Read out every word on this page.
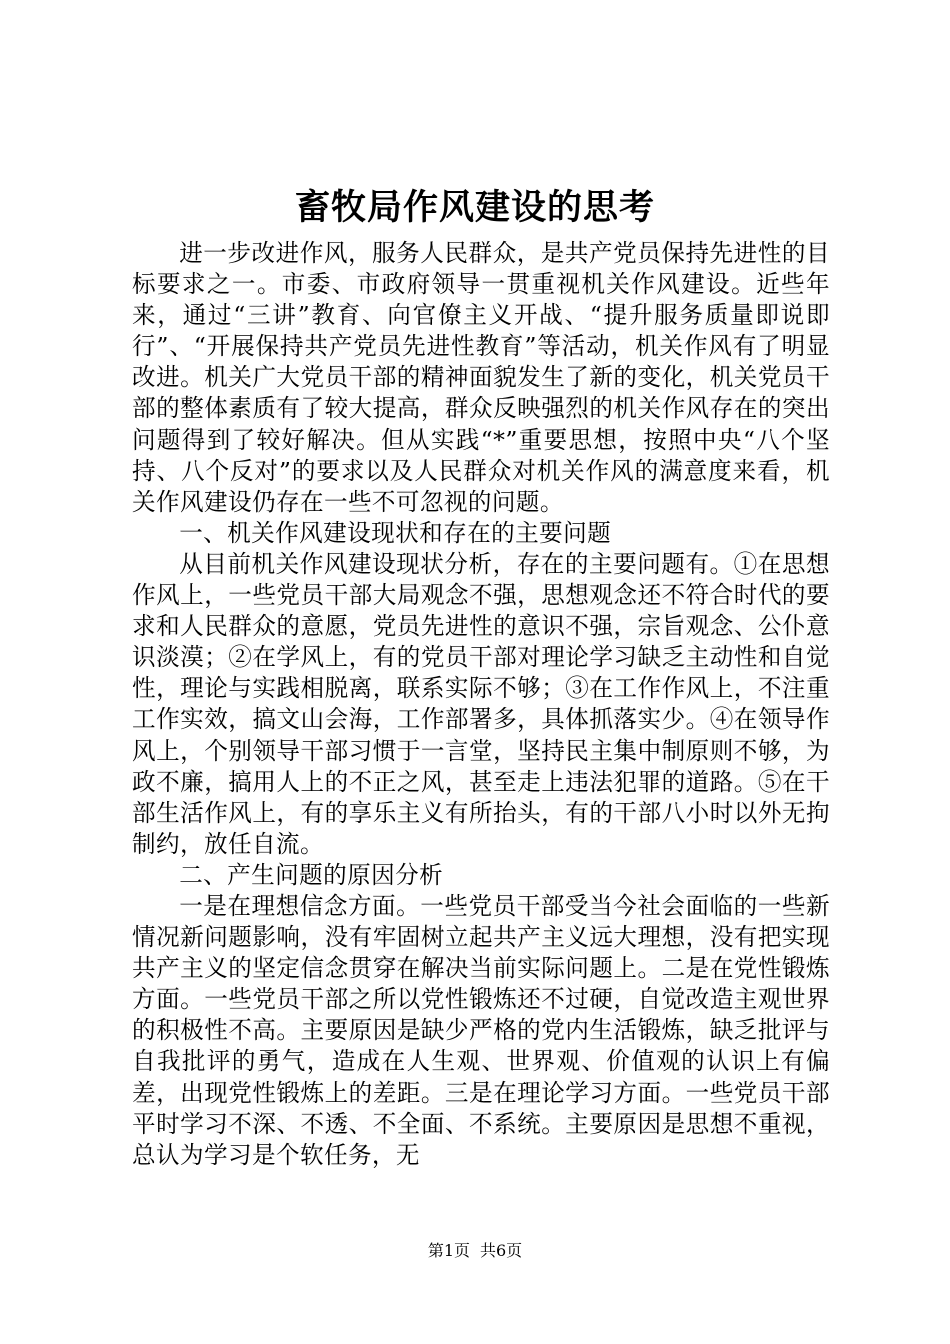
畜牧局作风建设的思考

进一步改进作风，服务人民群众，是共产党员保持先进性的目标要求之一。市委、市政府领导一贯重视机关作风建设。近些年来，通过“三讲”教育、向官僚主义开战、“提升服务质量即说即行”、“开展保持共产党员先进性教育”等活动，机关作风有了明显改进。机关广大党员干部的精神面貌发生了新的变化，机关党员干部的整体素质有了较大提高，群众反映强烈的机关作风存在的突出问题得到了较好解决。但从实践“*”重要思想，按照中央“八个坚持、八个反对”的要求以及人民群众对机关作风的满意度来看，机关作风建设仍存在一些不可忽视的问题。

一、机关作风建设现状和存在的主要问题

从目前机关作风建设现状分析，存在的主要问题有。①在思想作风上，一些党员干部大局观念不强，思想观念还不符合时代的要求和人民群众的意愿，党员先进性的意识不强，宗旨观念、公仆意识淡漠；②在学风上，有的党员干部对理论学习缺乏主动性和自觉性，理论与实践相脱离，联系实际不够；③在工作作风上，不注重工作实效，搞文山会海，工作部署多，具体抓落实少。④在领导作风上，个别领导干部习惯于一言堂，坚持民主集中制原则不够，为政不廉，搞用人上的不正之风，甚至走上违法犯罪的道路。⑤在干部生活作风上，有的享乐主义有所抬头，有的干部八小时以外无拘制约，放任自流。

二、产生问题的原因分析

一是在理想信念方面。一些党员干部受当今社会面临的一些新情况新问题影响，没有牢固树立起共产主义远大理想，没有把实现共产主义的坚定信念贯穿在解决当前实际问题上。二是在党性锻炼方面。一些党员干部之所以党性锻炼还不过硬，自觉改造主观世界的积极性不高。主要原因是缺少严格的党内生活锻炼，缺乏批评与自我批评的勇气，造成在人生观、世界观、价值观的认识上有偏差，出现党性锻炼上的差距。三是在理论学习方面。一些党员干部平时学习不深、不透、不全面、不系统。主要原因是思想不重视，总认为学习是个软任务，无

第1页 共6页
